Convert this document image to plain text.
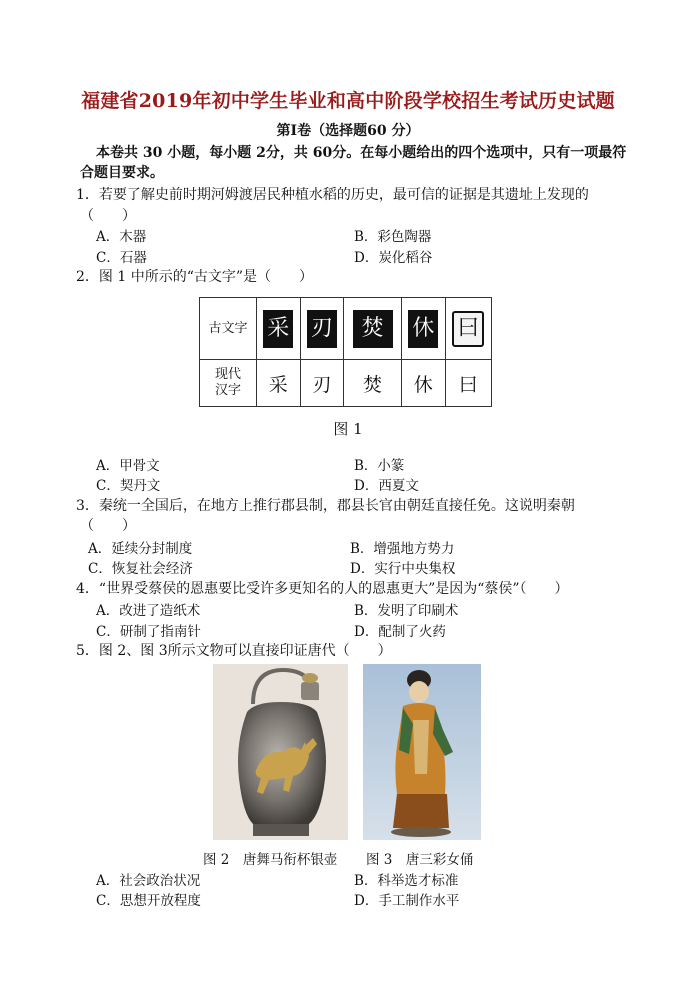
福建省2019年初中学生毕业和高中阶段学校招生考试历史试题
第Ⅰ卷（选择题60 分）
本卷共 30 小题，每小题 2分，共 60分。在每小题给出的四个选项中，只有一项最符
合题目要求。
1．若要了解史前时期河姆渡居民种植水稻的历史，最可信的证据是其遗址上发现的
（　　）
A．木器	B．彩色陶器
C．石器	D．炭化稻谷
2．图 1 中所示的“古文字”是（　　）
古文字	采	刃	焚	休	曰

现代
汉字	采	刃	焚	休	曰
图 1
A．甲骨文	B．小篆
C．契丹文	D．西夏文
3．秦统一全国后，在地方上推行郡县制，郡县长官由朝廷直接任免。这说明秦朝
（　　）
A．延续分封制度	B．增强地方势力
C．恢复社会经济	D．实行中央集权
4．“世界受蔡侯的恩惠要比受许多更知名的人的恩惠更大”是因为“蔡侯”（　　）
A．改进了造纸术	B．发明了印刷术
C．研制了指南针	D．配制了火药
5．图 2、图 3所示文物可以直接印证唐代（　　）
图 2　唐舞马衔杯银壶 图 3　唐三彩女俑
A．社会政治状况	B．科举选才标准
C．思想开放程度	D．手工制作水平
